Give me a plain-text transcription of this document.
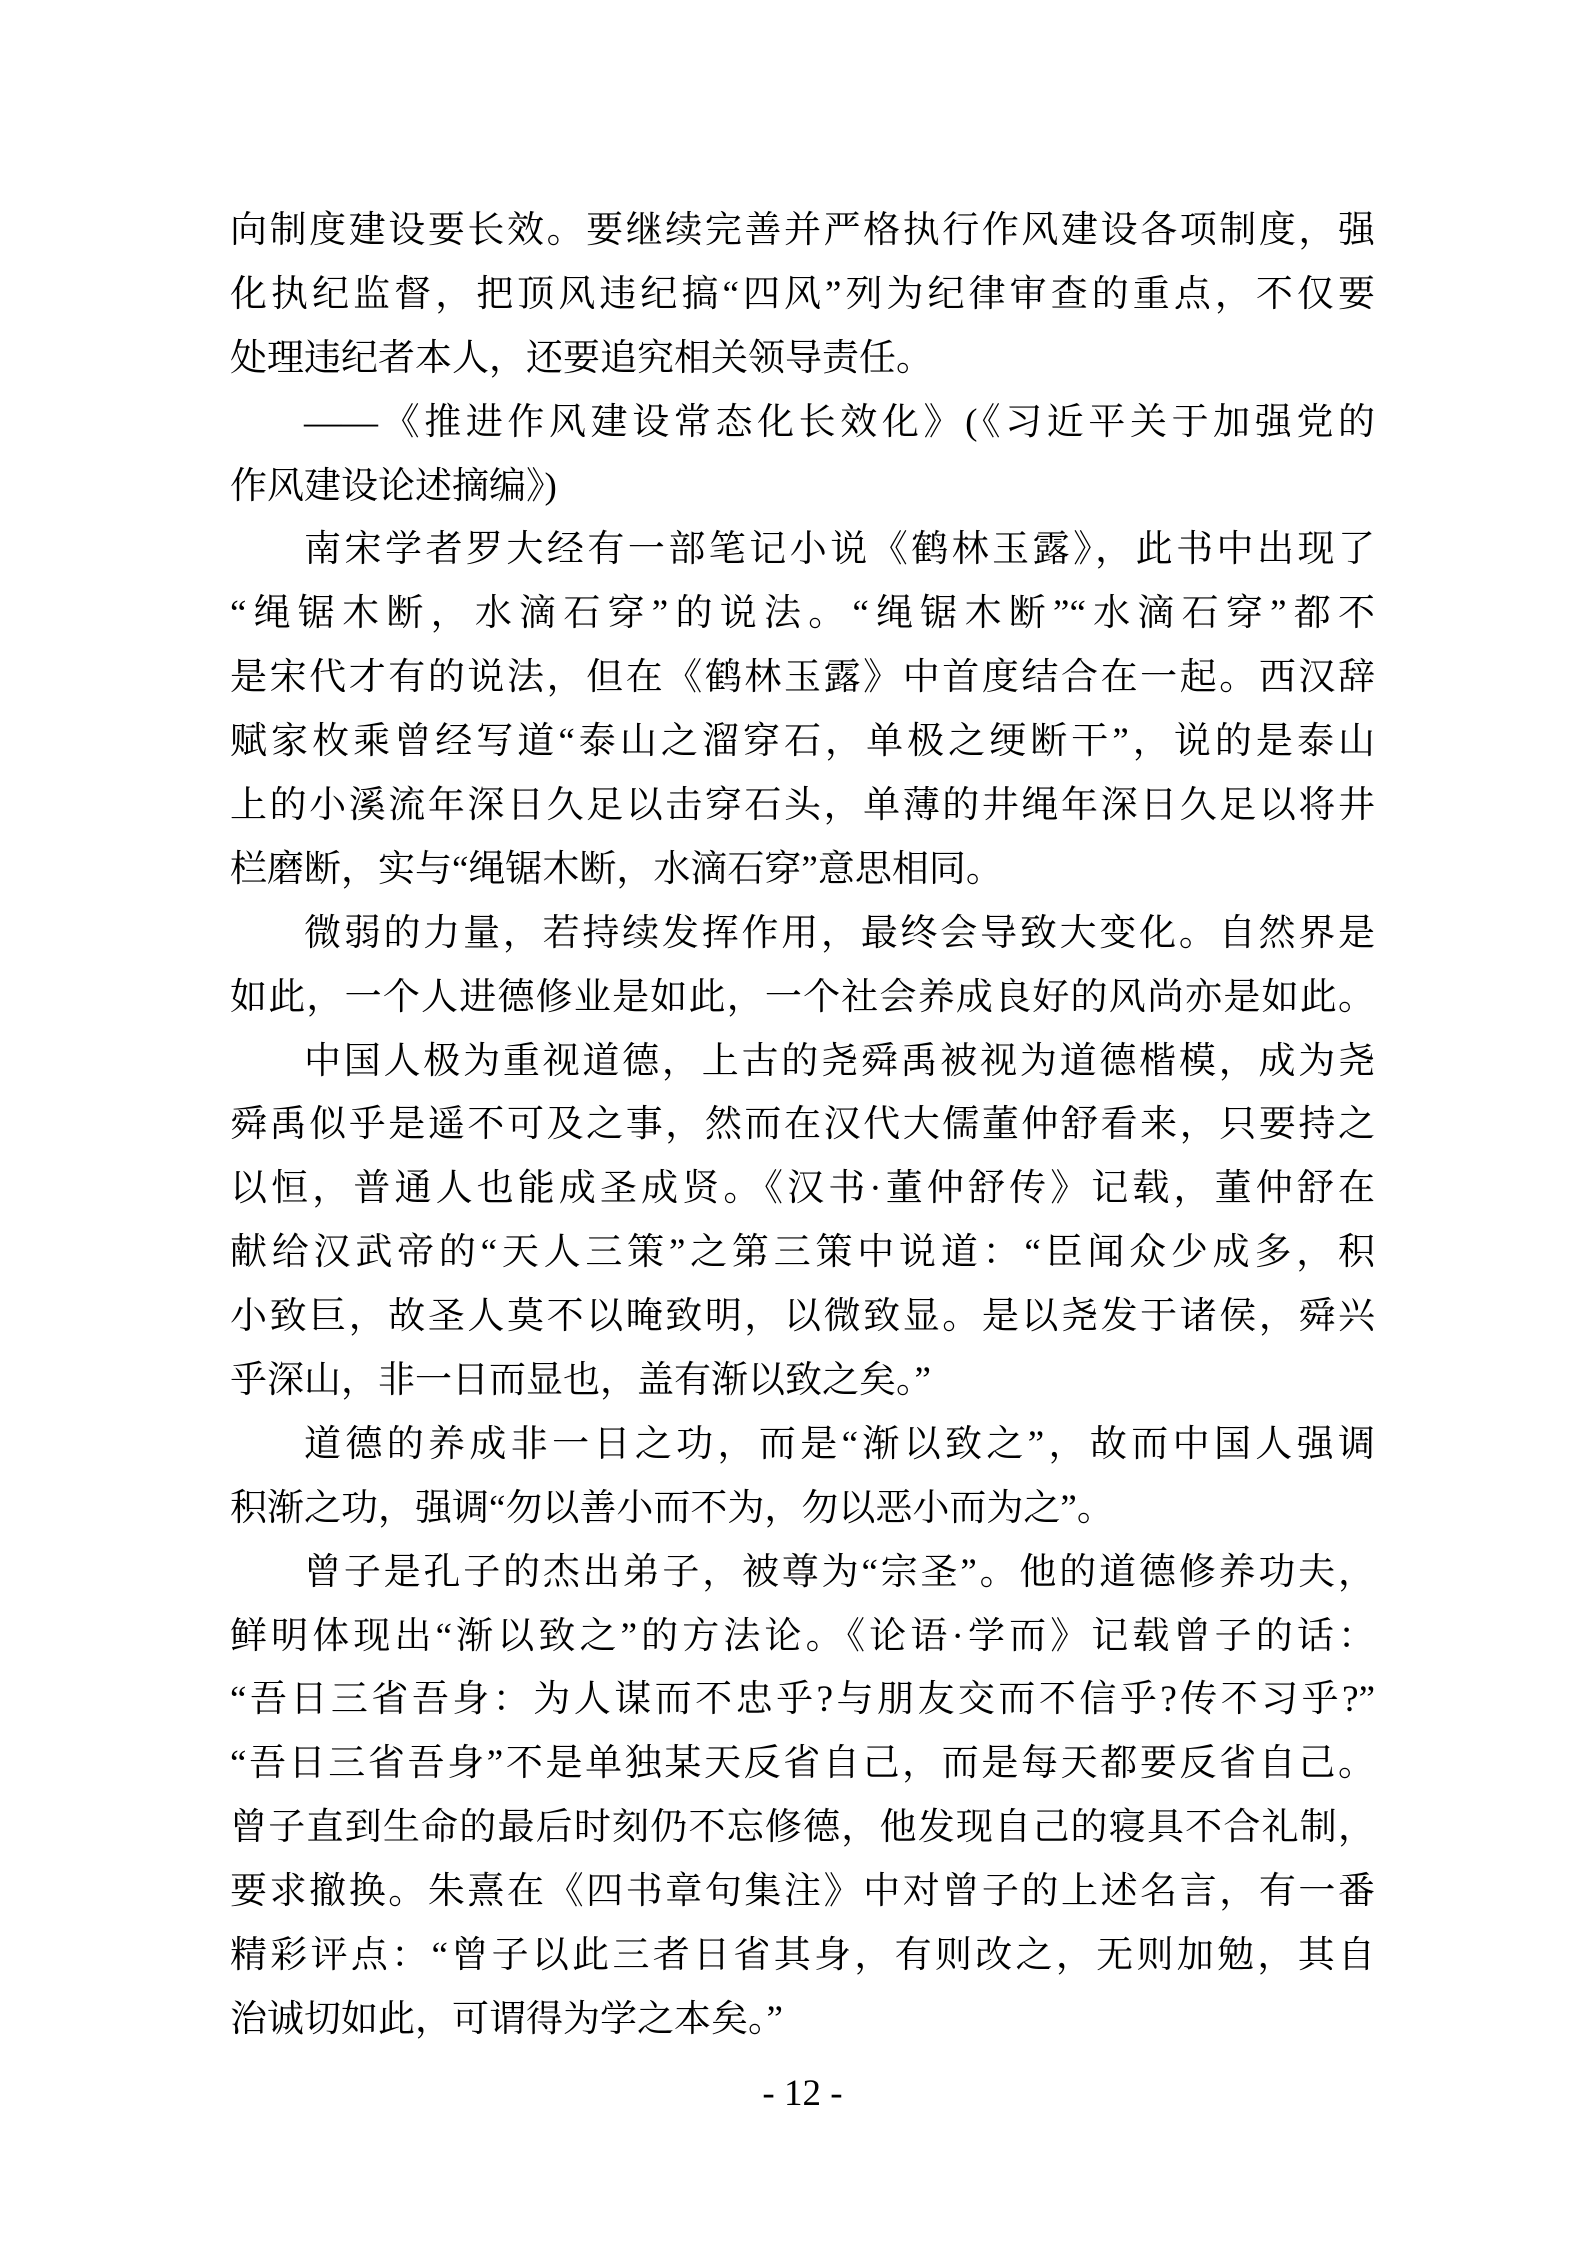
向制度建设要长效。要继续完善并严格执行作风建设各项制度，强
化执纪监督，把顶风违纪搞“四风”列为纪律审查的重点，不仅要
处理违纪者本人，还要追究相关领导责任。
——《推进作风建设常态化长效化》(《习近平关于加强党的
作风建设论述摘编》)
南宋学者罗大经有一部笔记小说《鹤林玉露》，此书中出现了
“绳锯木断，水滴石穿”的说法。“绳锯木断”“水滴石穿”都不
是宋代才有的说法，但在《鹤林玉露》中首度结合在一起。西汉辞
赋家枚乘曾经写道“泰山之溜穿石，单极之绠断干”，说的是泰山
上的小溪流年深日久足以击穿石头，单薄的井绳年深日久足以将井
栏磨断，实与“绳锯木断，水滴石穿”意思相同。
微弱的力量，若持续发挥作用，最终会导致大变化。自然界是
如此，一个人进德修业是如此，一个社会养成良好的风尚亦是如此。
中国人极为重视道德，上古的尧舜禹被视为道德楷模，成为尧
舜禹似乎是遥不可及之事，然而在汉代大儒董仲舒看来，只要持之
以恒，普通人也能成圣成贤。《汉书·董仲舒传》记载，董仲舒在
献给汉武帝的“天人三策”之第三策中说道：“臣闻众少成多，积
小致巨，故圣人莫不以晻致明，以微致显。是以尧发于诸侯，舜兴
乎深山，非一日而显也，盖有渐以致之矣。”
道德的养成非一日之功，而是“渐以致之”，故而中国人强调
积渐之功，强调“勿以善小而不为，勿以恶小而为之”。
曾子是孔子的杰出弟子，被尊为“宗圣”。他的道德修养功夫，
鲜明体现出“渐以致之”的方法论。《论语·学而》记载曾子的话：
“吾日三省吾身：为人谋而不忠乎?与朋友交而不信乎?传不习乎?”
“吾日三省吾身”不是单独某天反省自己，而是每天都要反省自己。
曾子直到生命的最后时刻仍不忘修德，他发现自己的寝具不合礼制，
要求撤换。朱熹在《四书章句集注》中对曾子的上述名言，有一番
精彩评点：“曾子以此三者日省其身，有则改之，无则加勉，其自
治诚切如此，可谓得为学之本矣。”
- 12 -
